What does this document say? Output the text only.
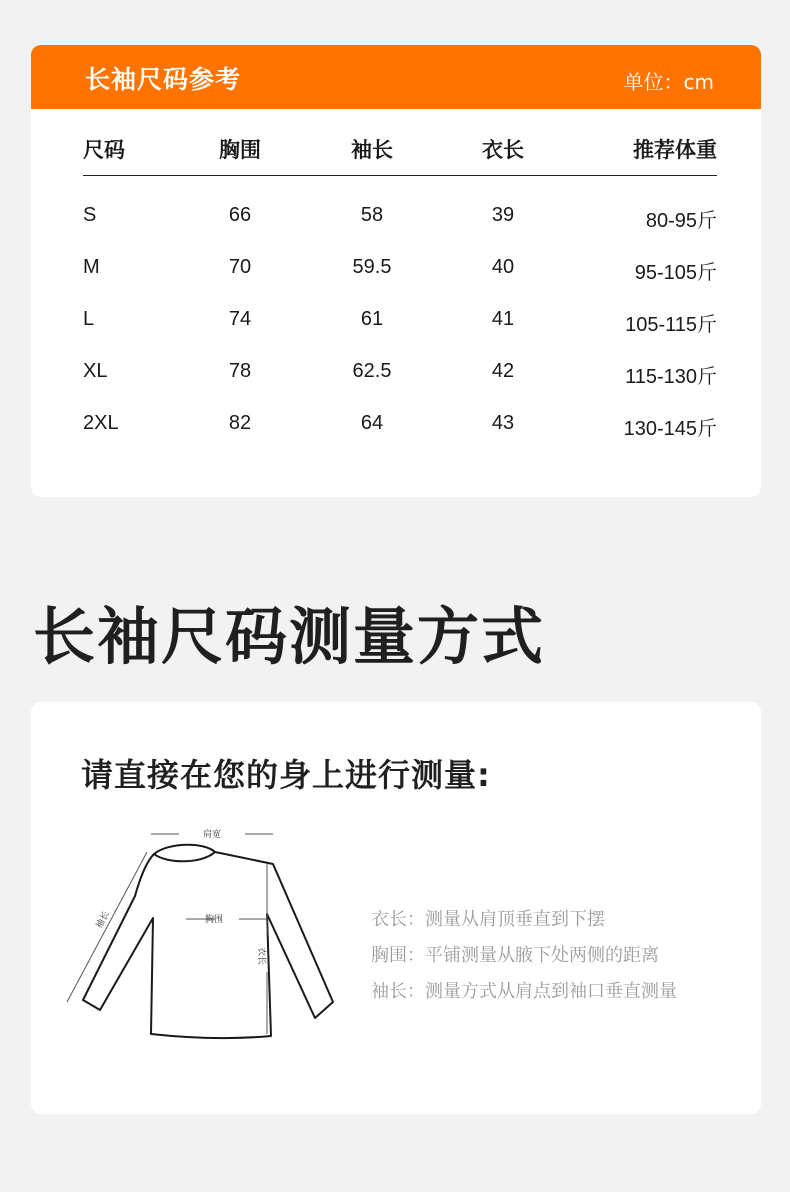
长袖尺码参考	单位：cm
尺码	胸围	袖长	衣长	推荐体重
S	66	58	39	80-95斤
M	70	59.5	40	95-105斤
L	74	61	41	105-115斤
XL	78	62.5	42	115-130斤
2XL	82	64	43	130-145斤
长袖尺码测量方式
请直接在您的身上进行测量:
肩宽
胸围
袖长
衣长
衣长：测量从肩顶垂直到下摆
胸围：平铺测量从腋下处两侧的距离
袖长：测量方式从肩点到袖口垂直测量
